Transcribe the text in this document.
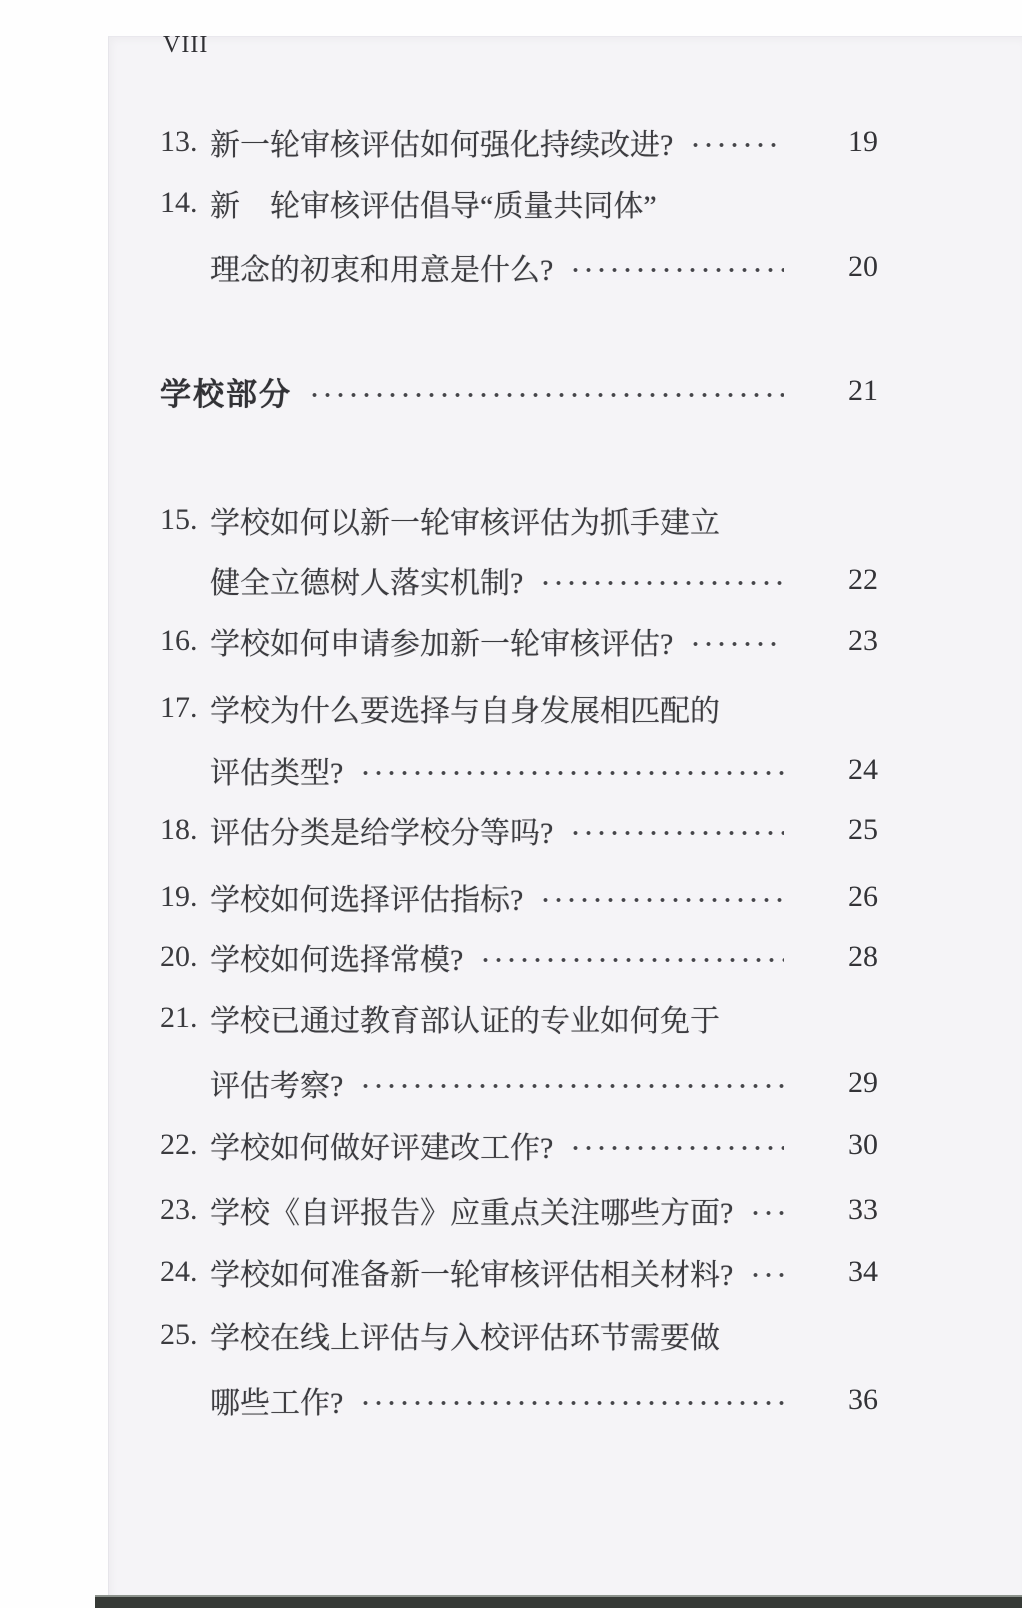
VIII
13. 新一轮审核评估如何强化持续改进?	19
14. 新　轮审核评估倡导“质量共同体”
理念的初衷和用意是什么?	20
学校部分	21
15. 学校如何以新一轮审核评估为抓手建立
健全立德树人落实机制?	22
16. 学校如何申请参加新一轮审核评估?	23
17. 学校为什么要选择与自身发展相匹配的
评估类型?	24
18. 评估分类是给学校分等吗?	25
19. 学校如何选择评估指标?	26
20. 学校如何选择常模?	28
21. 学校已通过教育部认证的专业如何免于
评估考察?	29
22. 学校如何做好评建改工作?	30
23. 学校《自评报告》应重点关注哪些方面?	33
24. 学校如何准备新一轮审核评估相关材料?	34
25. 学校在线上评估与入校评估环节需要做
哪些工作?	36
